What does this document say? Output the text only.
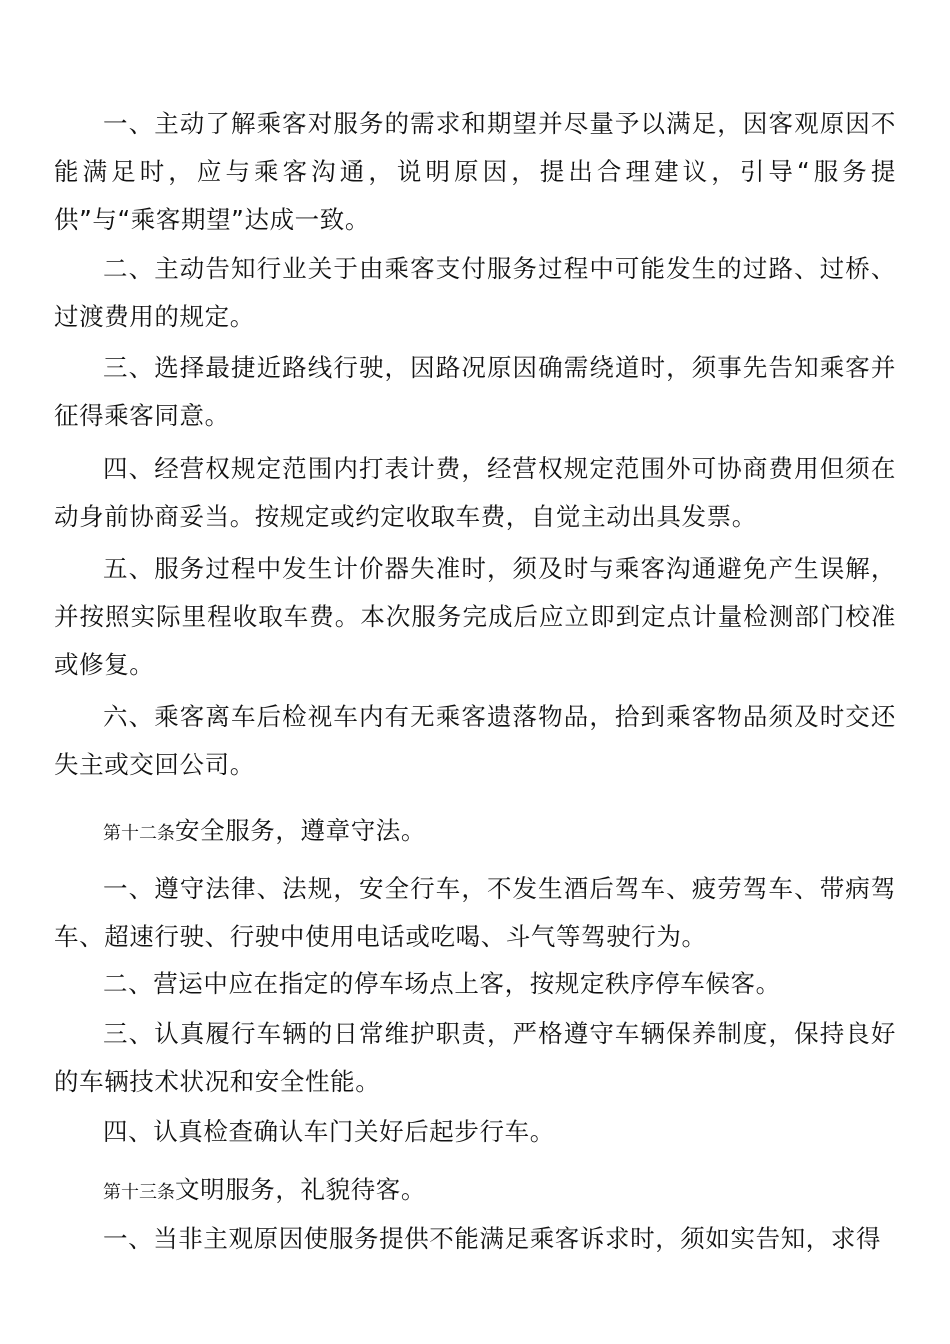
一、主动了解乘客对服务的需求和期望并尽量予以满足，因客观原因不能满足时，应与乘客沟通，说明原因，提出合理建议，引导“服务提供”与“乘客期望”达成一致。

二、主动告知行业关于由乘客支付服务过程中可能发生的过路、过桥、过渡费用的规定。

三、选择最捷近路线行驶，因路况原因确需绕道时，须事先告知乘客并征得乘客同意。

四、经营权规定范围内打表计费，经营权规定范围外可协商费用但须在动身前协商妥当。按规定或约定收取车费，自觉主动出具发票。

五、服务过程中发生计价器失准时，须及时与乘客沟通避免产生误解，并按照实际里程收取车费。本次服务完成后应立即到定点计量检测部门校准或修复。

六、乘客离车后检视车内有无乘客遗落物品，拾到乘客物品须及时交还失主或交回公司。

第十二条安全服务，遵章守法。

一、遵守法律、法规，安全行车，不发生酒后驾车、疲劳驾车、带病驾车、超速行驶、行驶中使用电话或吃喝、斗气等驾驶行为。

二、营运中应在指定的停车场点上客，按规定秩序停车候客。

三、认真履行车辆的日常维护职责，严格遵守车辆保养制度，保持良好的车辆技术状况和安全性能。

四、认真检查确认车门关好后起步行车。

第十三条文明服务，礼貌待客。

一、当非主观原因使服务提供不能满足乘客诉求时，须如实告知，求得
